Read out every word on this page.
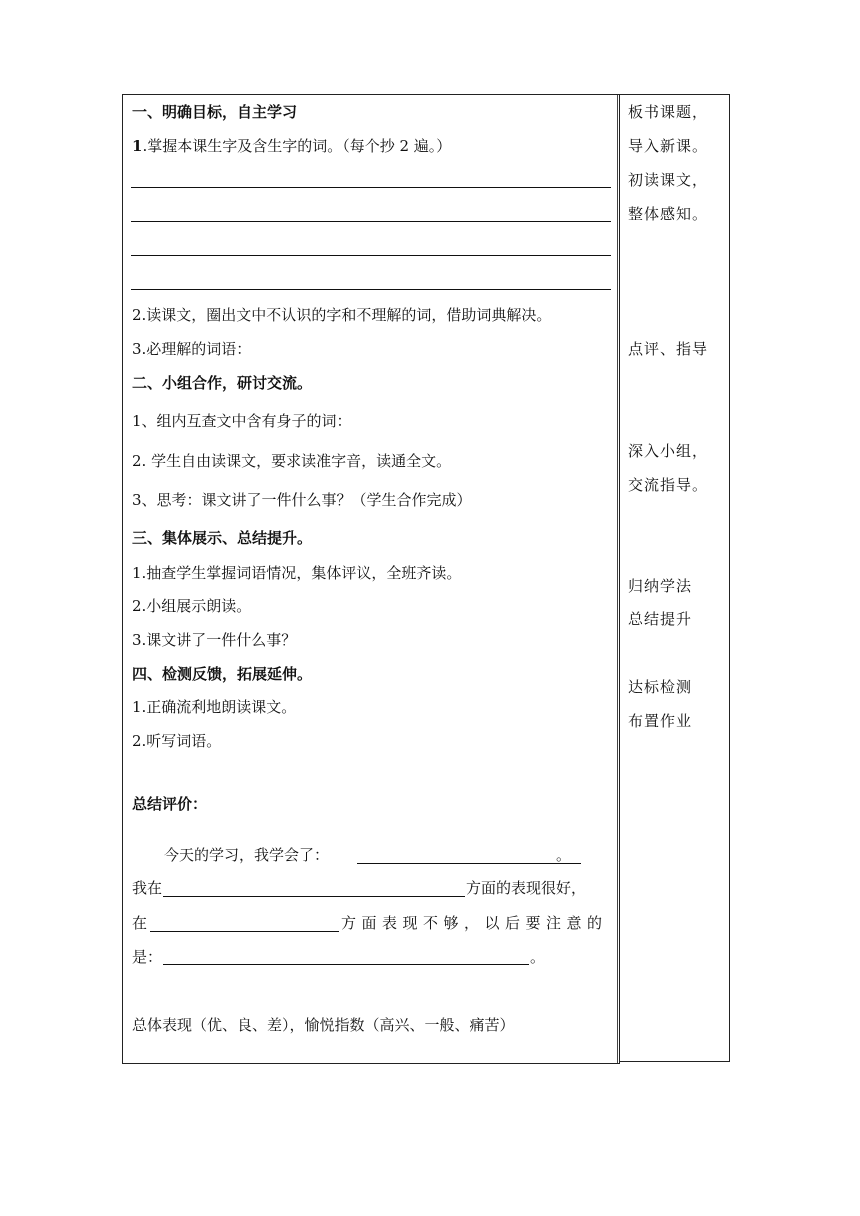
一、明确目标，自主学习
1.掌握本课生字及含生字的词。（每个抄 2 遍。）
2.读课文，圈出文中不认识的字和不理解的词，借助词典解决。
3.必理解的词语：
二、小组合作，研讨交流。
1、组内互查文中含有身子的词：
2. 学生自由读课文，要求读准字音，读通全文。
3、思考：课文讲了一件什么事？（学生合作完成）
三、集体展示、总结提升。
1.抽查学生掌握词语情况，集体评议，全班齐读。
2.小组展示朗读。
3.课文讲了一件什么事？
四、检测反馈，拓展延伸。
1.正确流利地朗读课文。
2.听写词语。
总结评价：
今天的学习，我学会了：	。
我在	方面的表现很好，
在	方面表现不够，以后要注意的
是：	。
总体表现（优、良、差），愉悦指数（高兴、一般、痛苦）
板书课题，
导入新课。
初读课文，
整体感知。
点评、指导
深入小组，
交流指导。
归纳学法
总结提升
达标检测
布置作业
